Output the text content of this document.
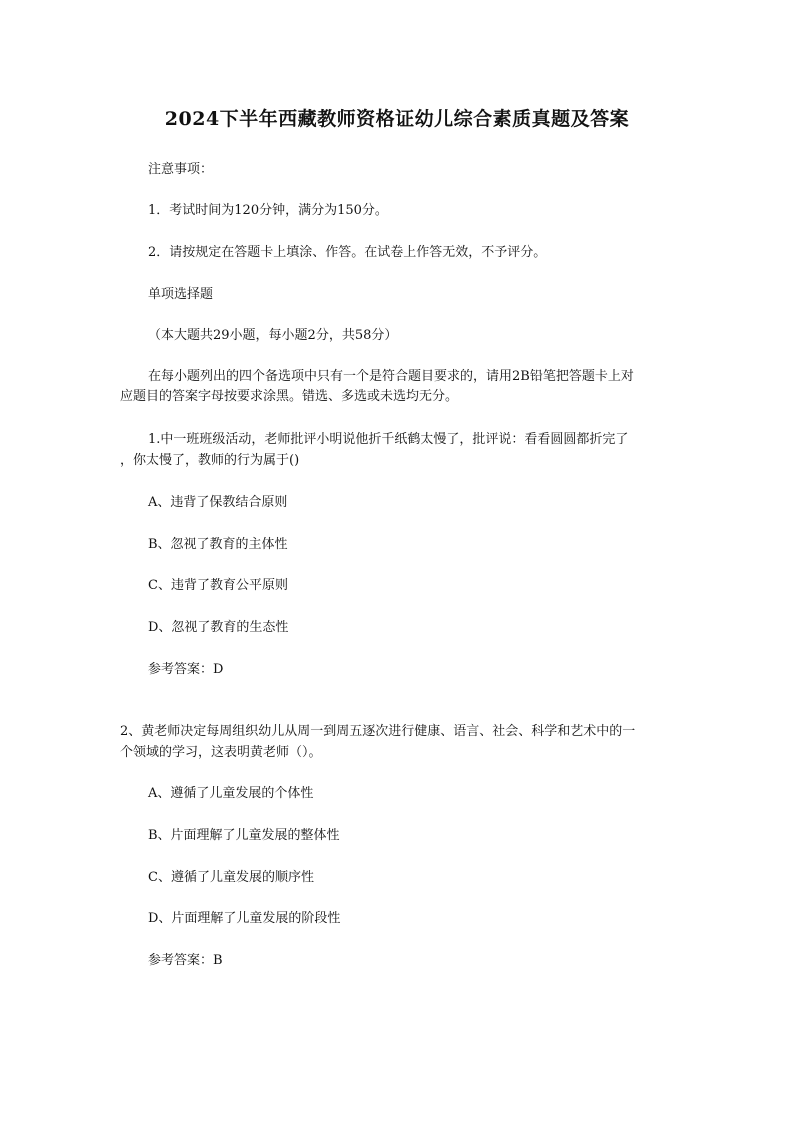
2024下半年西藏教师资格证幼儿综合素质真题及答案
注意事项：
1．考试时间为120分钟，满分为150分。
2．请按规定在答题卡上填涂、作答。在试卷上作答无效，不予评分。
单项选择题
（本大题共29小题，每小题2分，共58分）
在每小题列出的四个备选项中只有一个是符合题目要求的，请用2B铅笔把答题卡上对
应题目的答案字母按要求涂黑。错选、多选或未选均无分。
1.中一班班级活动，老师批评小明说他折千纸鹤太慢了，批评说：看看圆圆都折完了
，你太慢了，教师的行为属于()
A、违背了保教结合原则
B、忽视了教育的主体性
C、违背了教育公平原则
D、忽视了教育的生态性
参考答案：D
2、黄老师决定每周组织幼儿从周一到周五逐次进行健康、语言、社会、科学和艺术中的一
个领域的学习，这表明黄老师（）。
A、遵循了儿童发展的个体性
B、片面理解了儿童发展的整体性
C、遵循了儿童发展的顺序性
D、片面理解了儿童发展的阶段性
参考答案：B
